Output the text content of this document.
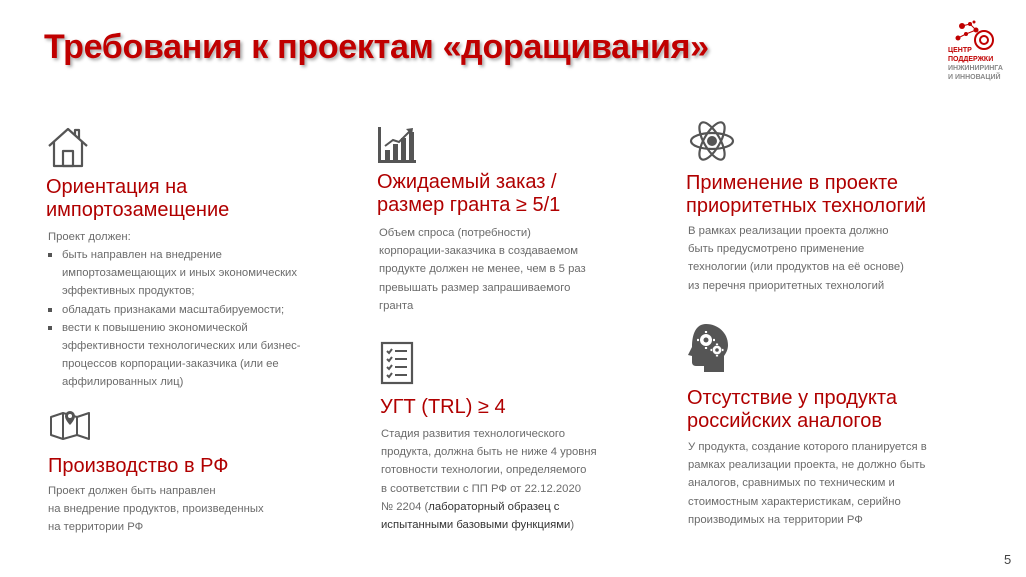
Требования к проектам «доращивания»	ЦЕНТР
ПОДДЕРЖКИ
ИНЖИНИРИНГА
И ИННОВАЦИЙ
Ориентация на
импортозамещение

Проект должен:

быть направлен на внедрение импортозамещающих и иных экономических эффективных продуктов;
обладать признаками масштабируемости;
вести к повышению экономической эффективности технологических или бизнес-процессов корпорации-заказчика (или ее аффилированных лиц)
Производство в РФ

Проект должен быть направлен
на внедрение продуктов, произведенных
на территории РФ

Ожидаемый заказ /
размер гранта ≥ 5/1

Объем спроса (потребности)
корпорации-заказчика в создаваемом
продукте должен не менее, чем в 5 раз
превышать размер запрашиваемого
гранта

УГТ (TRL) ≥ 4

Стадия развития технологического
продукта, должна быть не ниже 4 уровня
готовности технологии, определяемого
в соответствии с ПП РФ от 22.12.2020
№ 2204 (лабораторный образец с
испытанными базовыми функциями)

Применение в проекте
приоритетных технологий

В рамках реализации проекта должно
быть предусмотрено применение
технологии (или продуктов на её основе)
из перечня приоритетных технологий

Отсутствие у продукта
российских аналогов

У продукта, создание которого планируется в
рамках реализации проекта, не должно быть
аналогов, сравнимых по техническим и
стоимостным характеристикам, серийно
производимых на территории РФ

5
